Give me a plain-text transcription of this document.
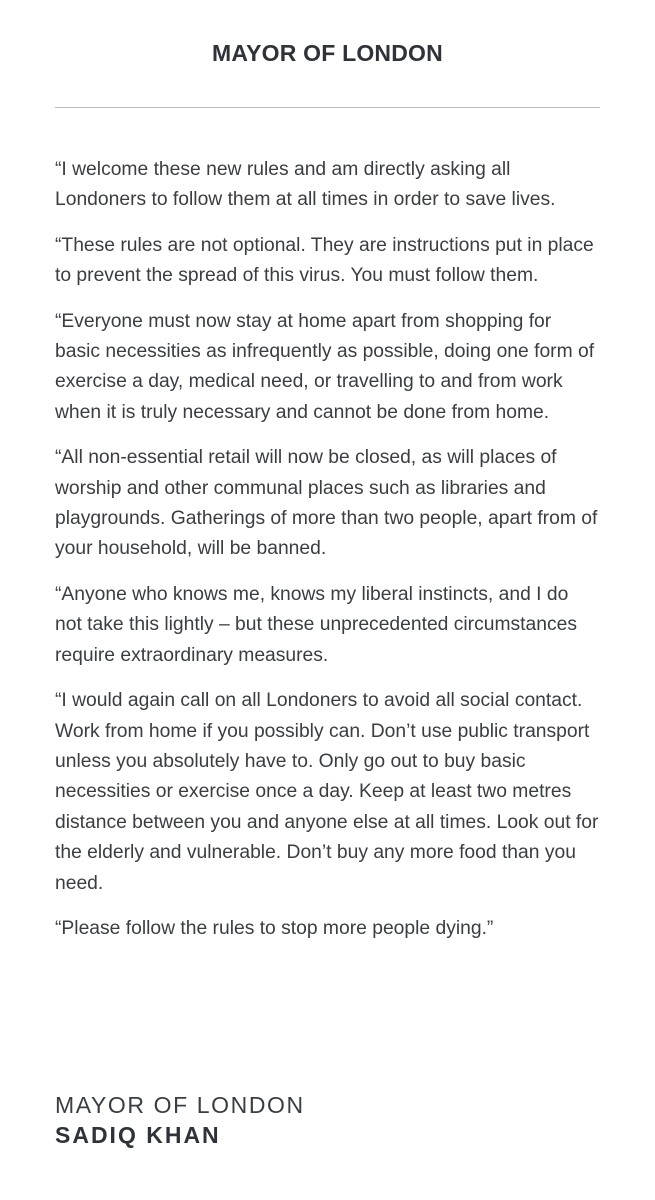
MAYOR OF LONDON

“I welcome these new rules and am directly asking all Londoners to follow them at all times in order to save lives.

“These rules are not optional. They are instructions put in place to prevent the spread of this virus. You must follow them.

“Everyone must now stay at home apart from shopping for basic necessities as infrequently as possible, doing one form of exercise a day, medical need, or travelling to and from work when it is truly necessary and cannot be done from home.

“All non-essential retail will now be closed, as will places of worship and other communal places such as libraries and playgrounds. Gatherings of more than two people, apart from of your household, will be banned.

“Anyone who knows me, knows my liberal instincts, and I do not take this lightly – but these unprecedented circumstances require extraordinary measures.

“I would again call on all Londoners to avoid all social contact. Work from home if you possibly can. Don’t use public transport unless you absolutely have to. Only go out to buy basic necessities or exercise once a day. Keep at least two metres distance between you and anyone else at all times. Look out for the elderly and vulnerable. Don’t buy any more food than you need.

“Please follow the rules to stop more people dying.”

MAYOR OF LONDON
SADIQ KHAN
